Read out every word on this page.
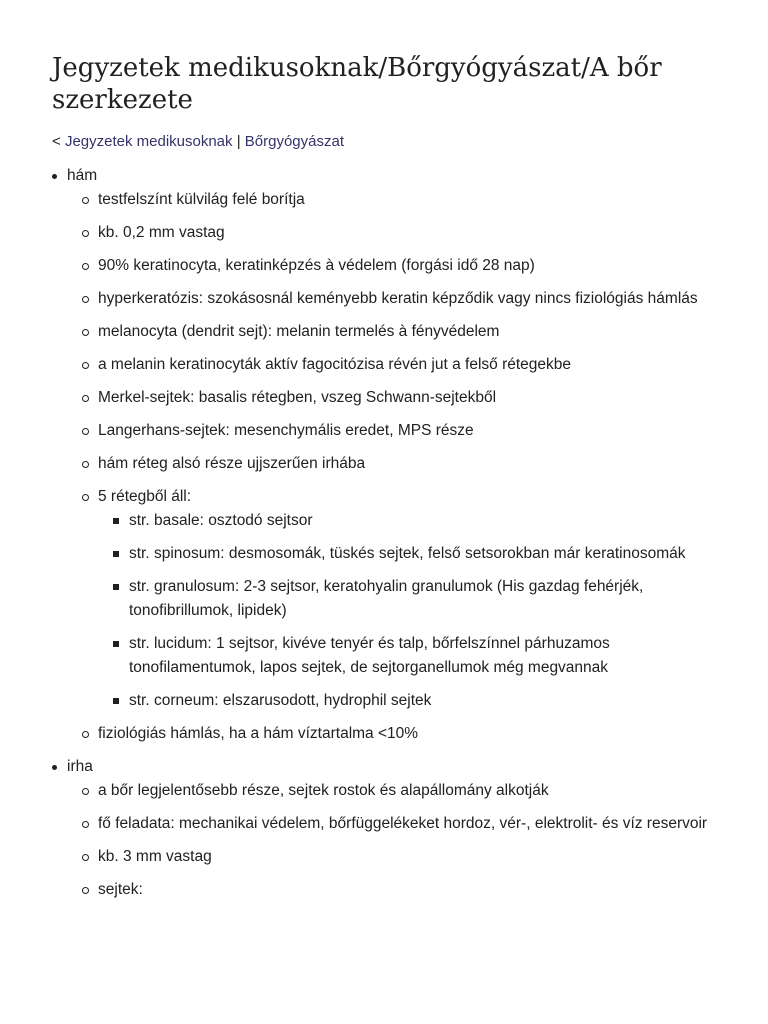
Jegyzetek medikusoknak/Bőrgyógyászat/A bőr szerkezete
< Jegyzetek medikusoknak | Bőrgyógyászat
hám
testfelszínt külvilág felé borítja
kb. 0,2 mm vastag
90% keratinocyta, keratinképzés à védelem (forgási idő 28 nap)
hyperkeratózis: szokásosnál keményebb keratin képződik vagy nincs fiziológiás hámlás
melanocyta (dendrit sejt): melanin termelés à fényvédelem
a melanin keratinocyták aktív fagocitózisa révén jut a felső rétegekbe
Merkel-sejtek: basalis rétegben, vszeg Schwann-sejtekből
Langerhans-sejtek: mesenchymális eredet, MPS része
hám réteg alsó része ujjszerűen irhába
5 rétegből áll:
str. basale: osztodó sejtsor
str. spinosum: desmosomák, tüskés sejtek, felső setsorokban már keratinosomák
str. granulosum: 2-3 sejtsor, keratohyalin granulumok (His gazdag fehérjék, tonofibrillumok, lipidek)
str. lucidum: 1 sejtsor, kivéve tenyér és talp, bőrfelszínnel párhuzamos tonofilamentumok, lapos sejtek, de sejtorganellumok még megvannak
str. corneum: elszarusodott, hydrophil sejtek
fiziológiás hámlás, ha a hám víztartalma <10%
irha
a bőr legjelentősebb része, sejtek rostok és alapállomány alkotják
fő feladata: mechanikai védelem, bőrfüggelékeket hordoz, vér-, elektrolit- és víz reservoir
kb. 3 mm vastag
sejtek:
